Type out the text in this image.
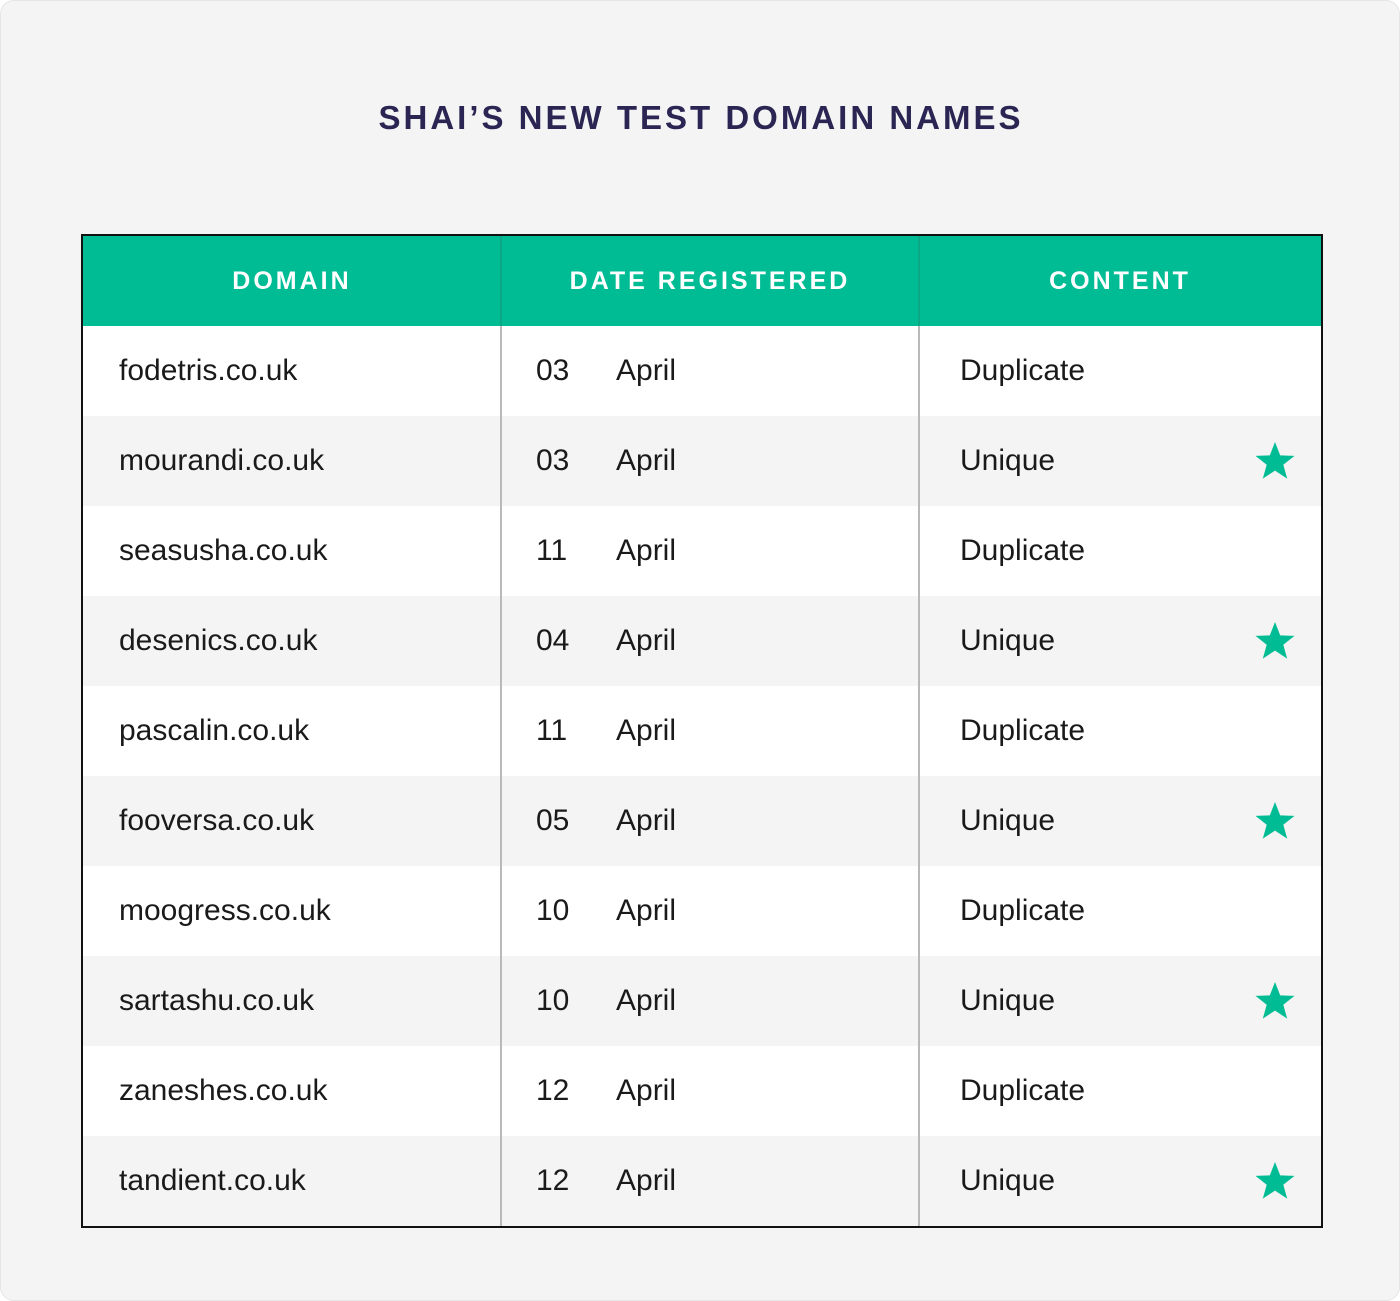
SHAI’S NEW TEST DOMAIN NAMES
DOMAIN	DATE REGISTERED	CONTENT
fodetris.co.uk	03 April	Duplicate
mourandi.co.uk	03 April	Unique
seasusha.co.uk	11 April	Duplicate
desenics.co.uk	04 April	Unique
pascalin.co.uk	11 April	Duplicate
fooversa.co.uk	05 April	Unique
moogress.co.uk	10 April	Duplicate
sartashu.co.uk	10 April	Unique
zaneshes.co.uk	12 April	Duplicate
tandient.co.uk	12 April	Unique
